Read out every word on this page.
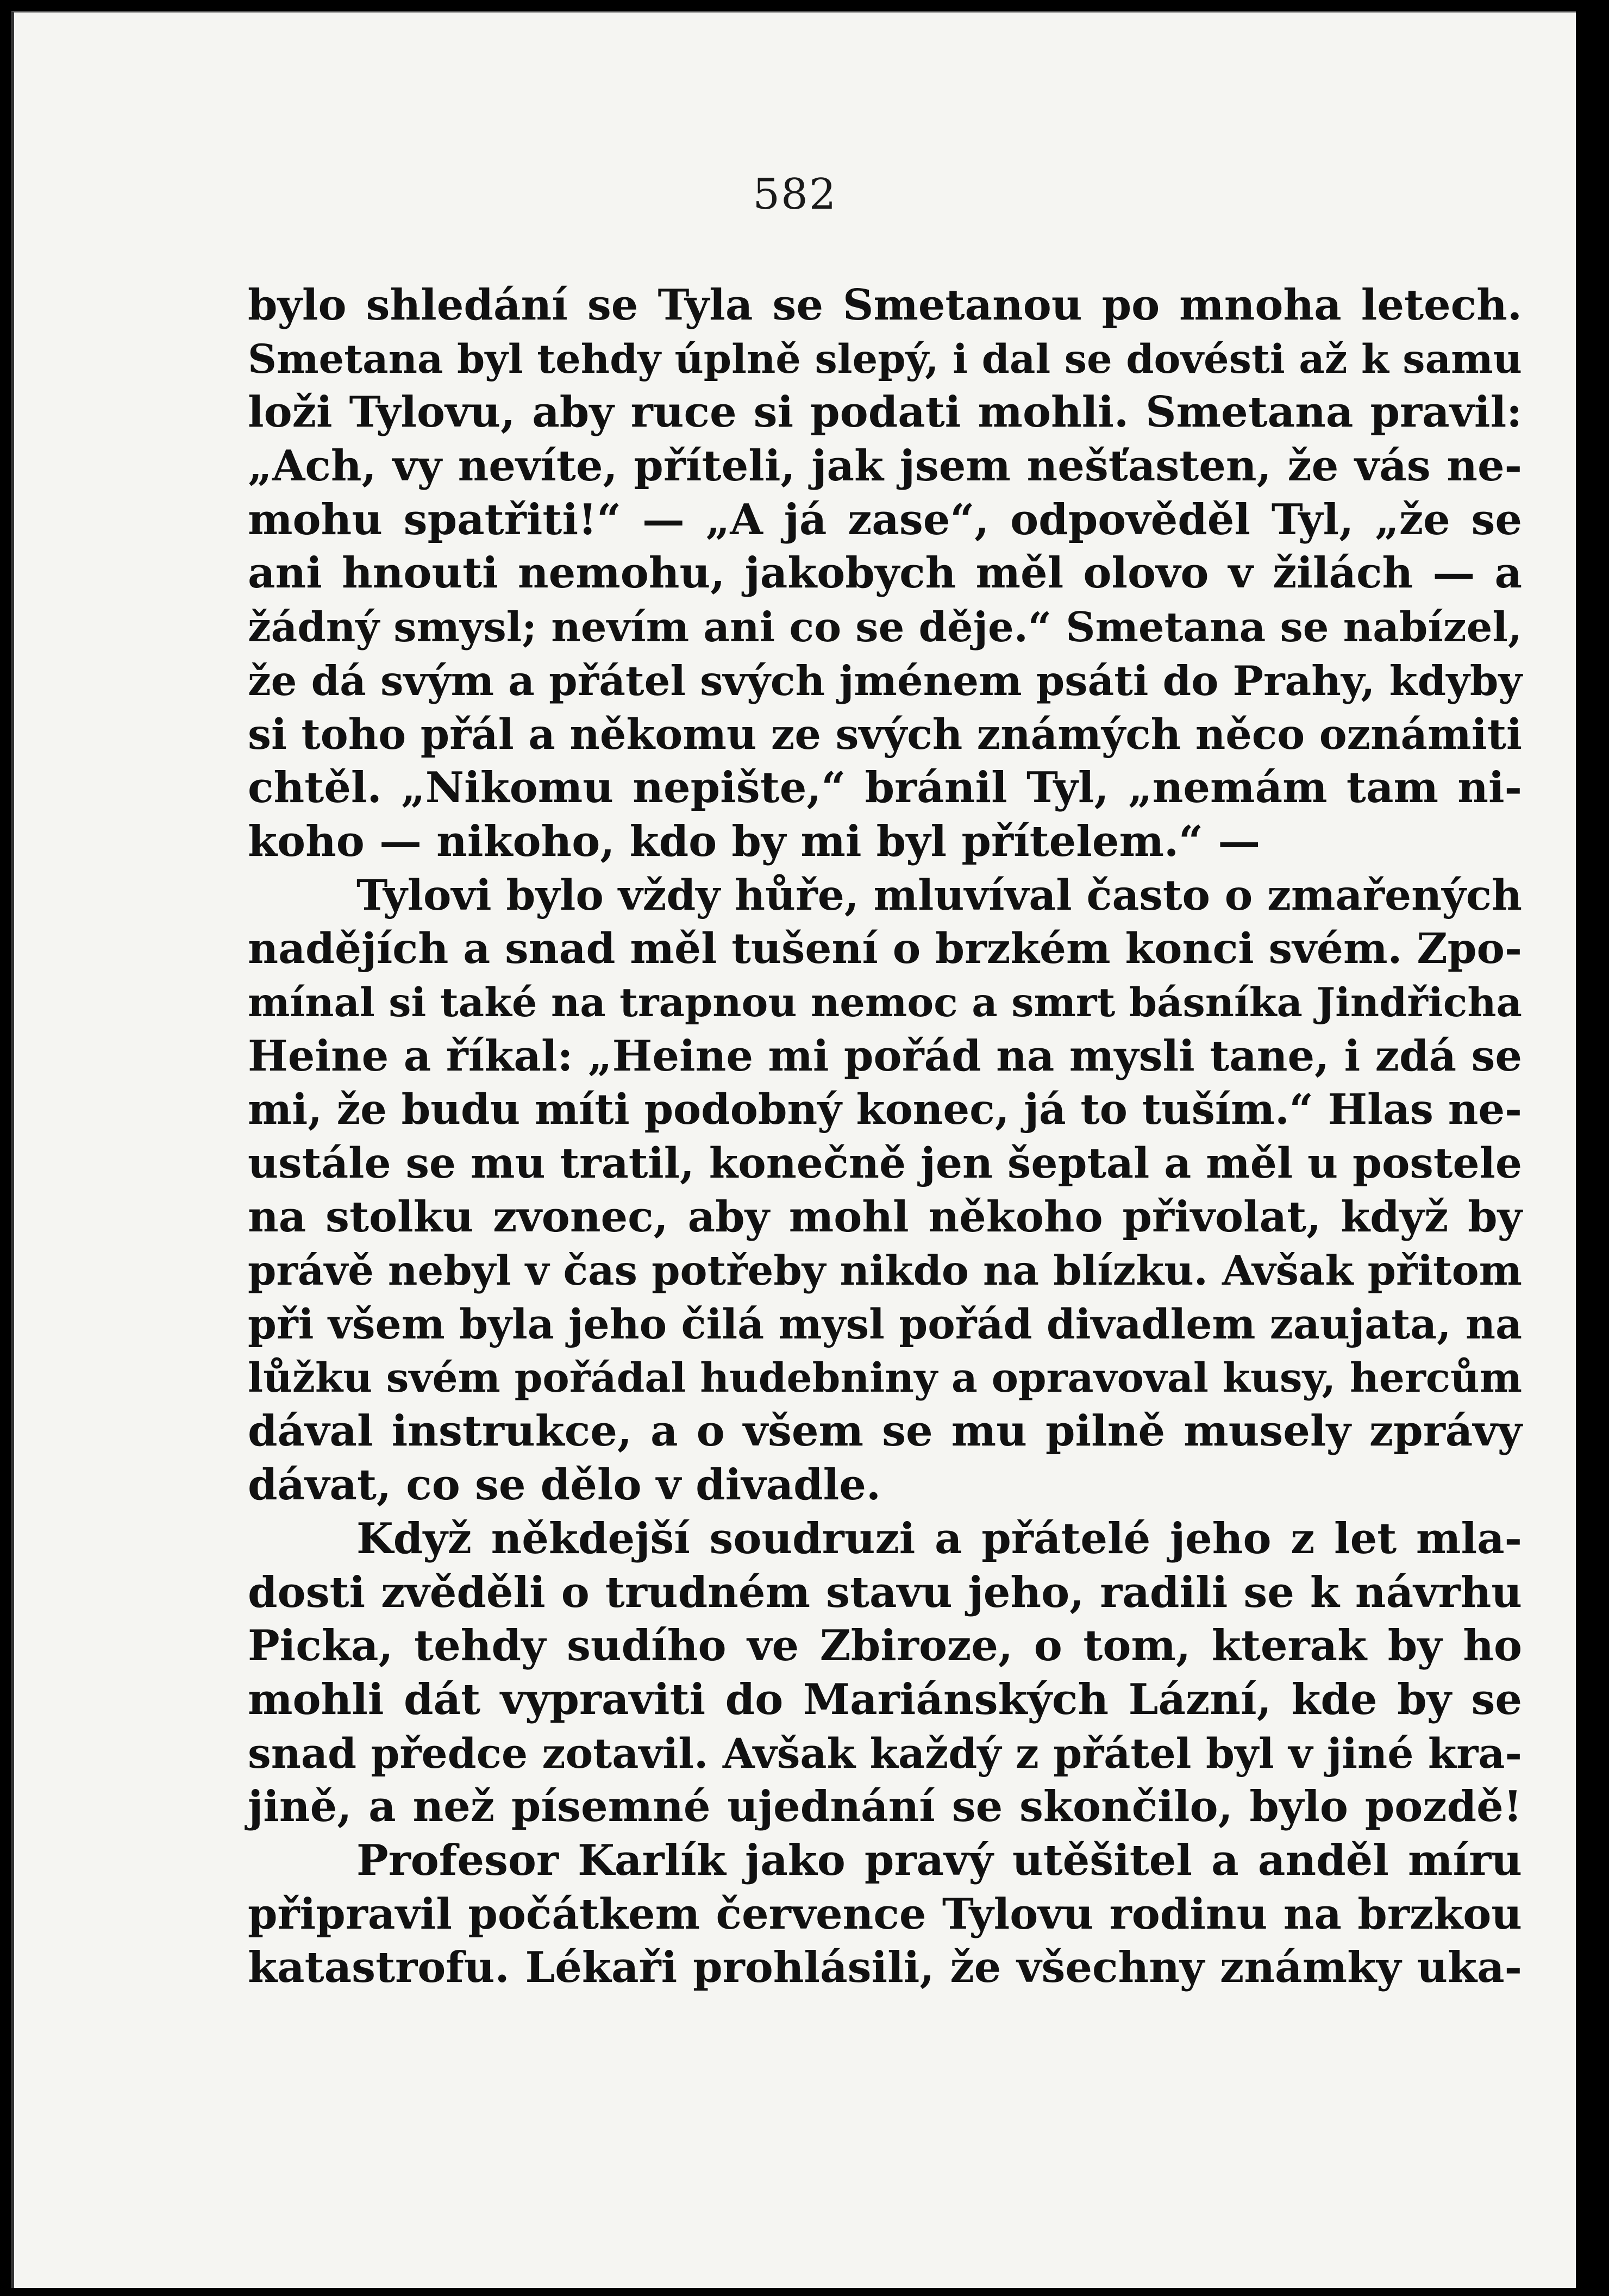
582
bylo shledání se Tyla se Smetanou po mnoha letech.
Smetana byl tehdy úplně slepý, i dal se dovésti až k samu
loži Tylovu, aby ruce si podati mohli. Smetana pravil:
„Ach, vy nevíte, příteli, jak jsem nešťasten, že vás ne-
mohu spatřiti!“ — „A já zase“, odpověděl Tyl, „že se
ani hnouti nemohu, jakobych měl olovo v žilách — a
žádný smysl; nevím ani co se děje.“ Smetana se nabízel,
že dá svým a přátel svých jménem psáti do Prahy, kdyby
si toho přál a někomu ze svých známých něco oznámiti
chtěl. „Nikomu nepište,“ bránil Tyl, „nemám tam ni-
koho — nikoho, kdo by mi byl přítelem.“ —
Tylovi bylo vždy hůře, mluvíval často o zmařených
nadějích a snad měl tušení o brzkém konci svém. Zpo-
mínal si také na trapnou nemoc a smrt básníka Jindřicha
Heine a říkal: „Heine mi pořád na mysli tane, i zdá se
mi, že budu míti podobný konec, já to tuším.“ Hlas ne-
ustále se mu tratil, konečně jen šeptal a měl u postele
na stolku zvonec, aby mohl někoho přivolat, když by
právě nebyl v čas potřeby nikdo na blízku. Avšak přitom
při všem byla jeho čilá mysl pořád divadlem zaujata, na
lůžku svém pořádal hudebniny a opravoval kusy, hercům
dával instrukce, a o všem se mu pilně musely zprávy
dávat, co se dělo v divadle.
Když někdejší soudruzi a přátelé jeho z let mla-
dosti zvěděli o trudném stavu jeho, radili se k návrhu
Picka, tehdy sudího ve Zbiroze, o tom, kterak by ho
mohli dát vypraviti do Mariánských Lázní, kde by se
snad předce zotavil. Avšak každý z přátel byl v jiné kra-
jině, a než písemné ujednání se skončilo, bylo pozdě!
Profesor Karlík jako pravý utěšitel a anděl míru
připravil počátkem července Tylovu rodinu na brzkou
katastrofu. Lékaři prohlásili, že všechny známky uka-
